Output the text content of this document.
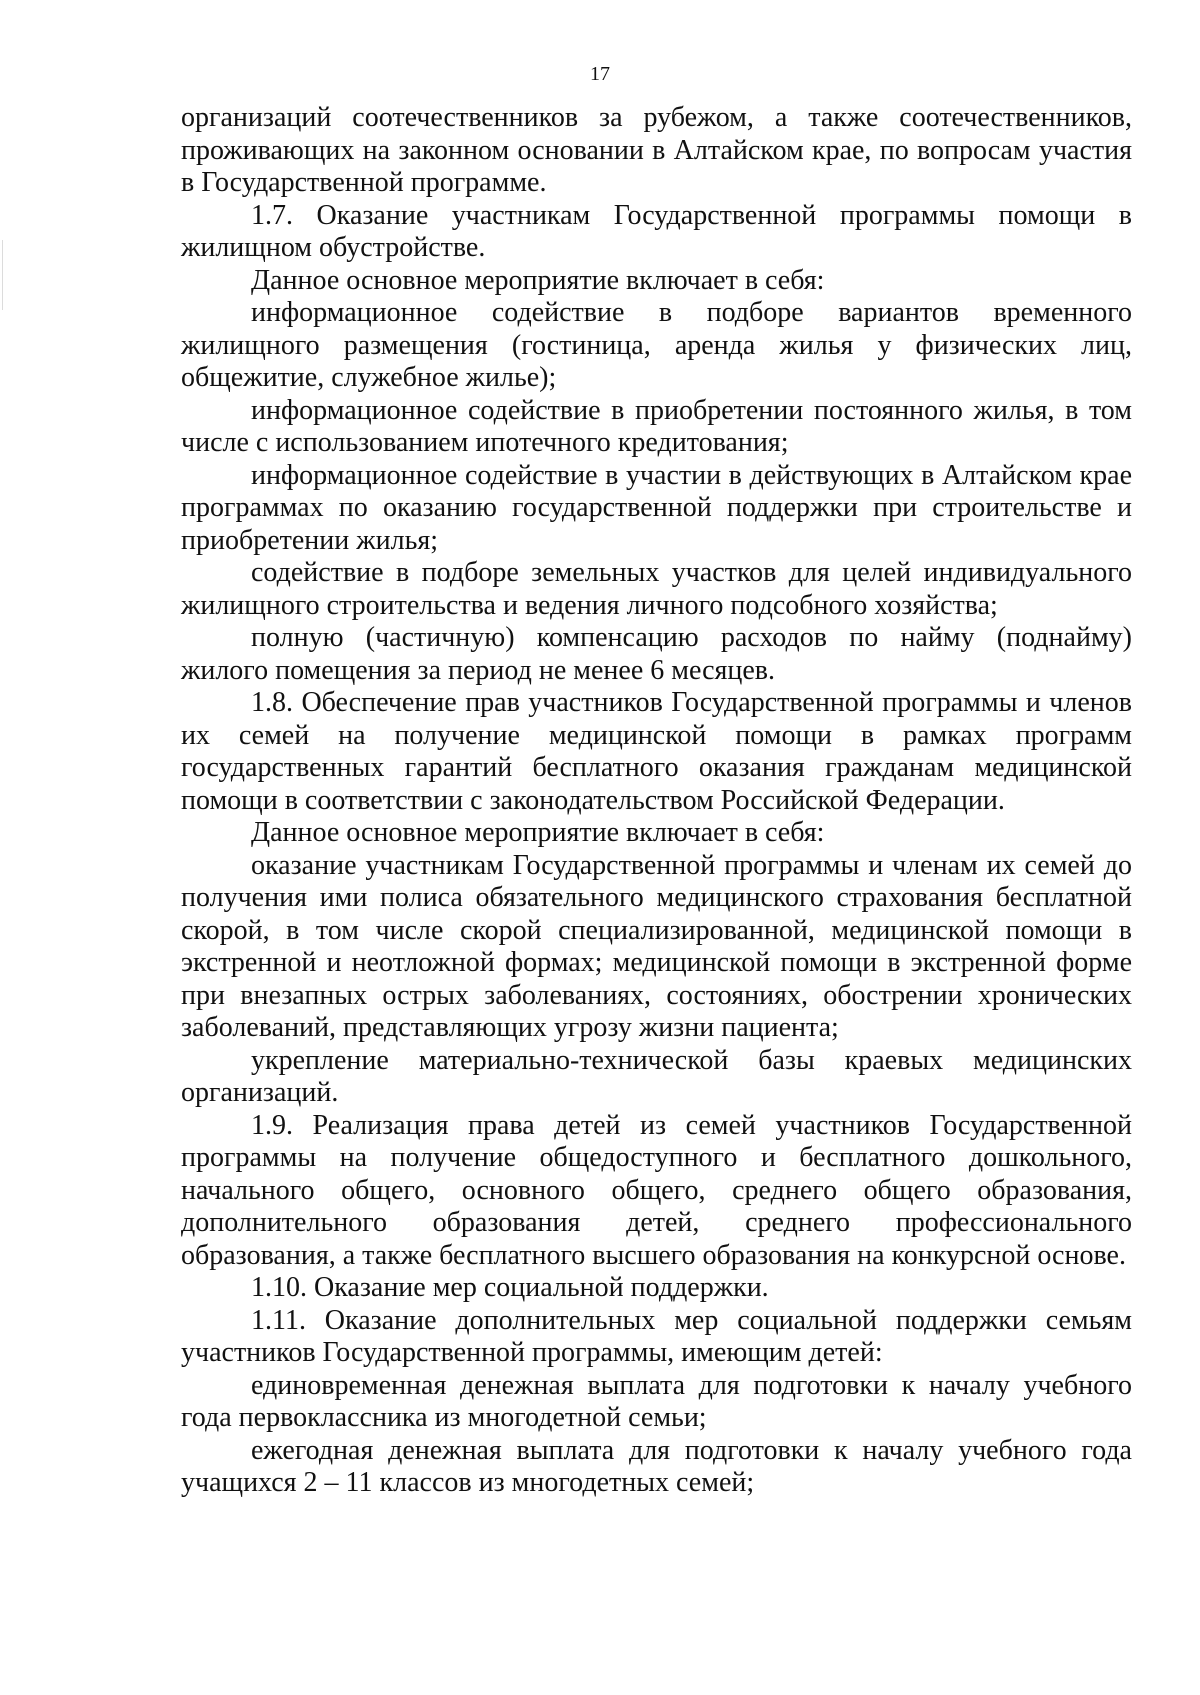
17

организаций соотечественников за рубежом, а также соотечественников, проживающих на законном основании в Алтайском крае, по вопросам участия в Государственной программе.

1.7. Оказание участникам Государственной программы помощи в жилищном обустройстве.

Данное основное мероприятие включает в себя:

информационное содействие в подборе вариантов временного жилищного размещения (гостиница, аренда жилья у физических лиц, общежитие, служебное жилье);

информационное содействие в приобретении постоянного жилья, в том числе с использованием ипотечного кредитования;

информационное содействие в участии в действующих в Алтайском крае программах по оказанию государственной поддержки при строительстве и приобретении жилья;

содействие в подборе земельных участков для целей индивидуального жилищного строительства и ведения личного подсобного хозяйства;

полную (частичную) компенсацию расходов по найму (поднайму) жилого помещения за период не менее 6 месяцев.

1.8. Обеспечение прав участников Государственной программы и членов их семей на получение медицинской помощи в рамках программ государственных гарантий бесплатного оказания гражданам медицинской помощи в соответствии с законодательством Российской Федерации.

Данное основное мероприятие включает в себя:

оказание участникам Государственной программы и членам их семей до получения ими полиса обязательного медицинского страхования бесплатной скорой, в том числе скорой специализированной, медицинской помощи в экстренной и неотложной формах; медицинской помощи в экстренной форме при внезапных острых заболеваниях, состояниях, обострении хронических заболеваний, представляющих угрозу жизни пациента;

укрепление материально-технической базы краевых медицинских организаций.

1.9. Реализация права детей из семей участников Государственной программы на получение общедоступного и бесплатного дошкольного, начального общего, основного общего, среднего общего образования, дополнительного образования детей, среднего профессионального образования, а также бесплатного высшего образования на конкурсной основе.

1.10. Оказание мер социальной поддержки.

1.11. Оказание дополнительных мер социальной поддержки семьям участников Государственной программы, имеющим детей:

единовременная денежная выплата для подготовки к началу учебного года первоклассника из многодетной семьи;

ежегодная денежная выплата для подготовки к началу учебного года учащихся 2 – 11 классов из многодетных семей;
